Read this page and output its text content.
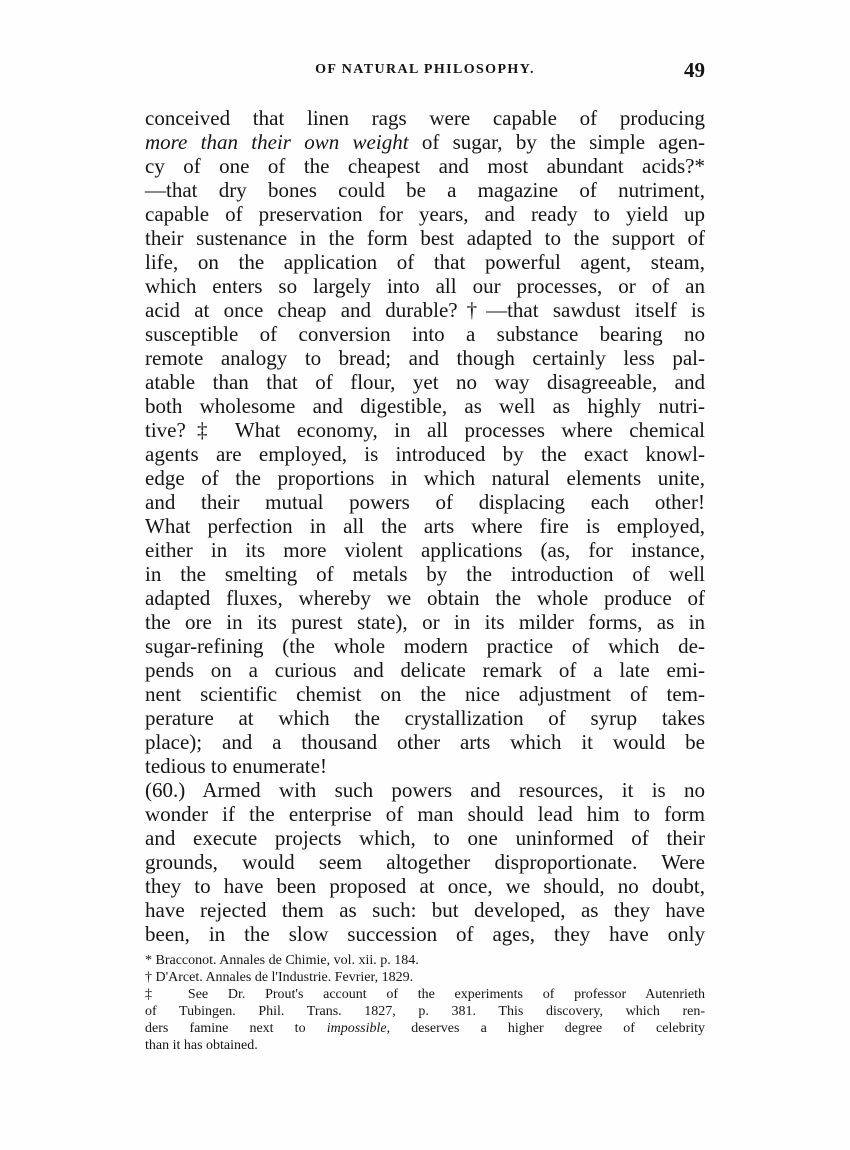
OF NATURAL PHILOSOPHY.	49
conceived that linen rags were capable of producing
more than their own weight of sugar, by the simple agen-
cy of one of the cheapest and most abundant acids?*
—that dry bones could be a magazine of nutriment,
capable of preservation for years, and ready to yield up
their sustenance in the form best adapted to the support of
life, on the application of that powerful agent, steam,
which enters so largely into all our processes, or of an
acid at once cheap and durable?†—that sawdust itself is
susceptible of conversion into a substance bearing no
remote analogy to bread; and though certainly less pal-
atable than that of flour, yet no way disagreeable, and
both wholesome and digestible, as well as highly nutri-
tive?‡ What economy, in all processes where chemical
agents are employed, is introduced by the exact knowl-
edge of the proportions in which natural elements unite,
and their mutual powers of displacing each other!
What perfection in all the arts where fire is employed,
either in its more violent applications (as, for instance,
in the smelting of metals by the introduction of well
adapted fluxes, whereby we obtain the whole produce of
the ore in its purest state), or in its milder forms, as in
sugar-refining (the whole modern practice of which de-
pends on a curious and delicate remark of a late emi-
nent scientific chemist on the nice adjustment of tem-
perature at which the crystallization of syrup takes
place); and a thousand other arts which it would be
tedious to enumerate!
(60.) Armed with such powers and resources, it is no
wonder if the enterprise of man should lead him to form
and execute projects which, to one uninformed of their
grounds, would seem altogether disproportionate. Were
they to have been proposed at once, we should, no doubt,
have rejected them as such: but developed, as they have
been, in the slow succession of ages, they have only
* Bracconot. Annales de Chimie, vol. xii. p. 184.
† D'Arcet. Annales de l'Industrie. Fevrier, 1829.
‡ See Dr. Prout's account of the experiments of professor Autenrieth
of Tubingen. Phil. Trans. 1827, p. 381. This discovery, which ren-
ders famine next to impossible, deserves a higher degree of celebrity
than it has obtained.
